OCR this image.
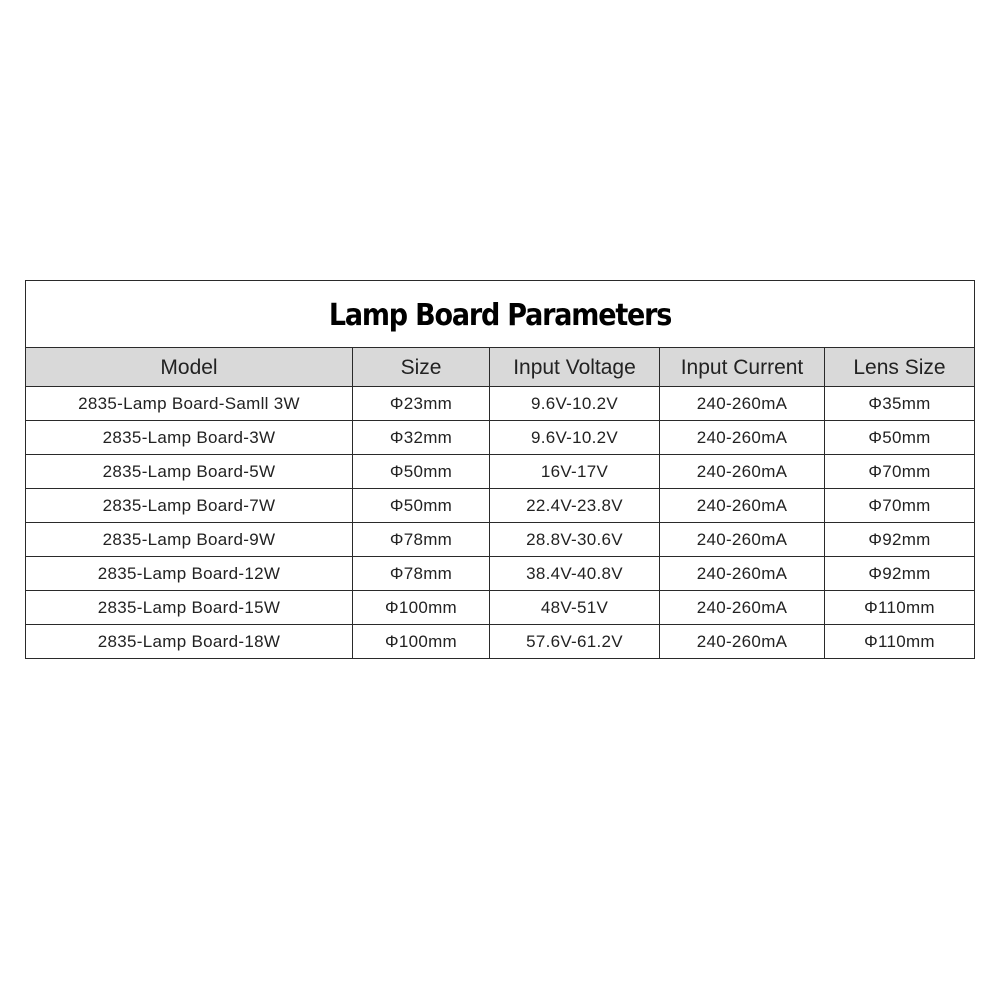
Lamp Board Parameters				
Model	Size	Input Voltage	Input Current	Lens Size
2835-Lamp Board-Samll 3W	Φ23mm	9.6V-10.2V	240-260mA	Φ35mm
2835-Lamp Board-3W	Φ32mm	9.6V-10.2V	240-260mA	Φ50mm
2835-Lamp Board-5W	Φ50mm	16V-17V	240-260mA	Φ70mm
2835-Lamp Board-7W	Φ50mm	22.4V-23.8V	240-260mA	Φ70mm
2835-Lamp Board-9W	Φ78mm	28.8V-30.6V	240-260mA	Φ92mm
2835-Lamp Board-12W	Φ78mm	38.4V-40.8V	240-260mA	Φ92mm
2835-Lamp Board-15W	Φ100mm	48V-51V	240-260mA	Φ110mm
2835-Lamp Board-18W	Φ100mm	57.6V-61.2V	240-260mA	Φ110mm
